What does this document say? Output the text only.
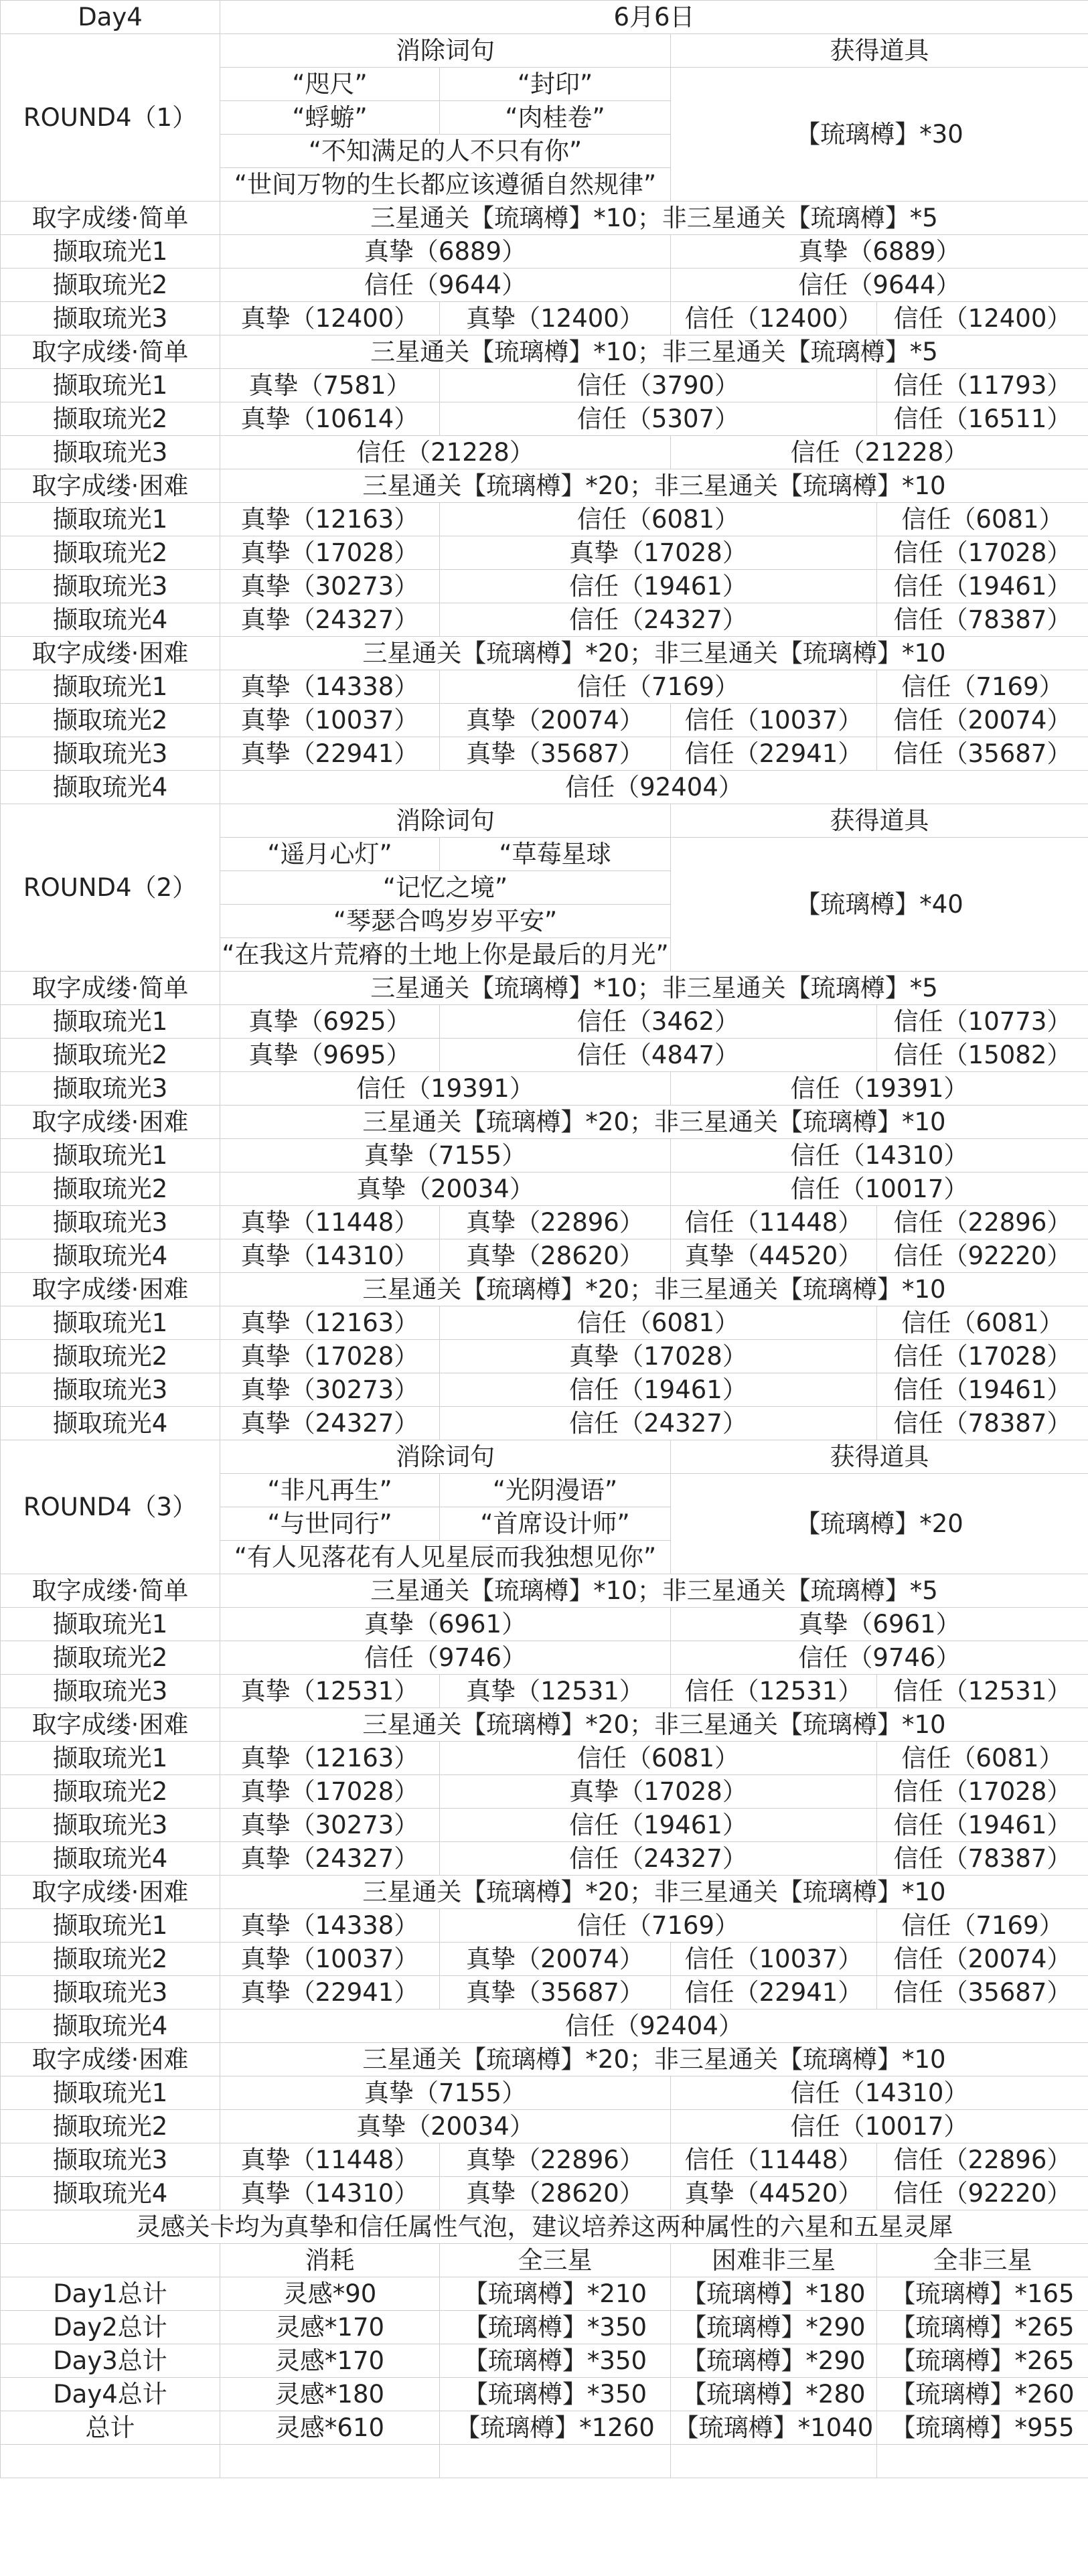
Day4	6月6日			
ROUND4（1）	消除词句		获得道具	
	“咫尺”	“封印”	【琉璃樽】*30	
	“蜉蝣”	“肉桂卷”		
	“不知满足的人不只有你”			
	“世间万物的生长都应该遵循自然规律”			
取字成缕·简单	三星通关【琉璃樽】*10；非三星通关【琉璃樽】*5			
撷取琉光1	真挚（6889）		真挚（6889）	
撷取琉光2	信任（9644）		信任（9644）	
撷取琉光3	真挚（12400）	真挚（12400）	信任（12400）	信任（12400）
取字成缕·简单	三星通关【琉璃樽】*10；非三星通关【琉璃樽】*5			
撷取琉光1	真挚（7581）	信任（3790）		信任（11793）
撷取琉光2	真挚（10614）	信任（5307）		信任（16511）
撷取琉光3	信任（21228）		信任（21228）	
取字成缕·困难	三星通关【琉璃樽】*20；非三星通关【琉璃樽】*10			
撷取琉光1	真挚（12163）	信任（6081）		信任（6081）
撷取琉光2	真挚（17028）	真挚（17028）		信任（17028）
撷取琉光3	真挚（30273）	信任（19461）		信任（19461）
撷取琉光4	真挚（24327）	信任（24327）		信任（78387）
取字成缕·困难	三星通关【琉璃樽】*20；非三星通关【琉璃樽】*10			
撷取琉光1	真挚（14338）	信任（7169）		信任（7169）
撷取琉光2	真挚（10037）	真挚（20074）	信任（10037）	信任（20074）
撷取琉光3	真挚（22941）	真挚（35687）	信任（22941）	信任（35687）
撷取琉光4	信任（92404）			
ROUND4（2）	消除词句		获得道具	
	“遥月心灯”	“草莓星球	【琉璃樽】*40	
	“记忆之境”			
	“琴瑟合鸣岁岁平安”			
	“在我这片荒瘠的土地上你是最后的月光”			

取字成缕·简单	三星通关【琉璃樽】*10；非三星通关【琉璃樽】*5			
撷取琉光1	真挚（6925）	信任（3462）		信任（10773）
撷取琉光2	真挚（9695）	信任（4847）		信任（15082）
撷取琉光3	信任（19391）		信任（19391）	
取字成缕·困难	三星通关【琉璃樽】*20；非三星通关【琉璃樽】*10			
撷取琉光1	真挚（7155）		信任（14310）	
撷取琉光2	真挚（20034）		信任（10017）	
撷取琉光3	真挚（11448）	真挚（22896）	信任（11448）	信任（22896）
撷取琉光4	真挚（14310）	真挚（28620）	真挚（44520）	信任（92220）
取字成缕·困难	三星通关【琉璃樽】*20；非三星通关【琉璃樽】*10			
撷取琉光1	真挚（12163）	信任（6081）		信任（6081）
撷取琉光2	真挚（17028）	真挚（17028）		信任（17028）
撷取琉光3	真挚（30273）	信任（19461）		信任（19461）
撷取琉光4	真挚（24327）	信任（24327）		信任（78387）
ROUND4（3）	消除词句		获得道具	
	“非凡再生”	“光阴漫语”	【琉璃樽】*20	
	“与世同行”	“首席设计师”		
	“有人见落花有人见星辰而我独想见你”			

取字成缕·简单	三星通关【琉璃樽】*10；非三星通关【琉璃樽】*5			
撷取琉光1	真挚（6961）		真挚（6961）	
撷取琉光2	信任（9746）		信任（9746）	
撷取琉光3	真挚（12531）	真挚（12531）	信任（12531）	信任（12531）
取字成缕·困难	三星通关【琉璃樽】*20；非三星通关【琉璃樽】*10			
撷取琉光1	真挚（12163）	信任（6081）		信任（6081）
撷取琉光2	真挚（17028）	真挚（17028）		信任（17028）
撷取琉光3	真挚（30273）	信任（19461）		信任（19461）
撷取琉光4	真挚（24327）	信任（24327）		信任（78387）
取字成缕·困难	三星通关【琉璃樽】*20；非三星通关【琉璃樽】*10			
撷取琉光1	真挚（14338）	信任（7169）		信任（7169）
撷取琉光2	真挚（10037）	真挚（20074）	信任（10037）	信任（20074）
撷取琉光3	真挚（22941）	真挚（35687）	信任（22941）	信任（35687）
撷取琉光4	信任（92404）			
取字成缕·困难	三星通关【琉璃樽】*20；非三星通关【琉璃樽】*10			
撷取琉光1	真挚（7155）		信任（14310）	
撷取琉光2	真挚（20034）		信任（10017）	
撷取琉光3	真挚（11448）	真挚（22896）	信任（11448）	信任（22896）
撷取琉光4	真挚（14310）	真挚（28620）	真挚（44520）	信任（92220）
灵感关卡均为真挚和信任属性气泡，建议培养这两种属性的六星和五星灵犀				
	消耗	全三星	困难非三星	全非三星
Day1总计	灵感*90	【琉璃樽】*210	【琉璃樽】*180	【琉璃樽】*165
Day2总计	灵感*170	【琉璃樽】*350	【琉璃樽】*290	【琉璃樽】*265
Day3总计	灵感*170	【琉璃樽】*350	【琉璃樽】*290	【琉璃樽】*265
Day4总计	灵感*180	【琉璃樽】*350	【琉璃樽】*280	【琉璃樽】*260
总计	灵感*610	【琉璃樽】*1260	【琉璃樽】*1040	【琉璃樽】*955
